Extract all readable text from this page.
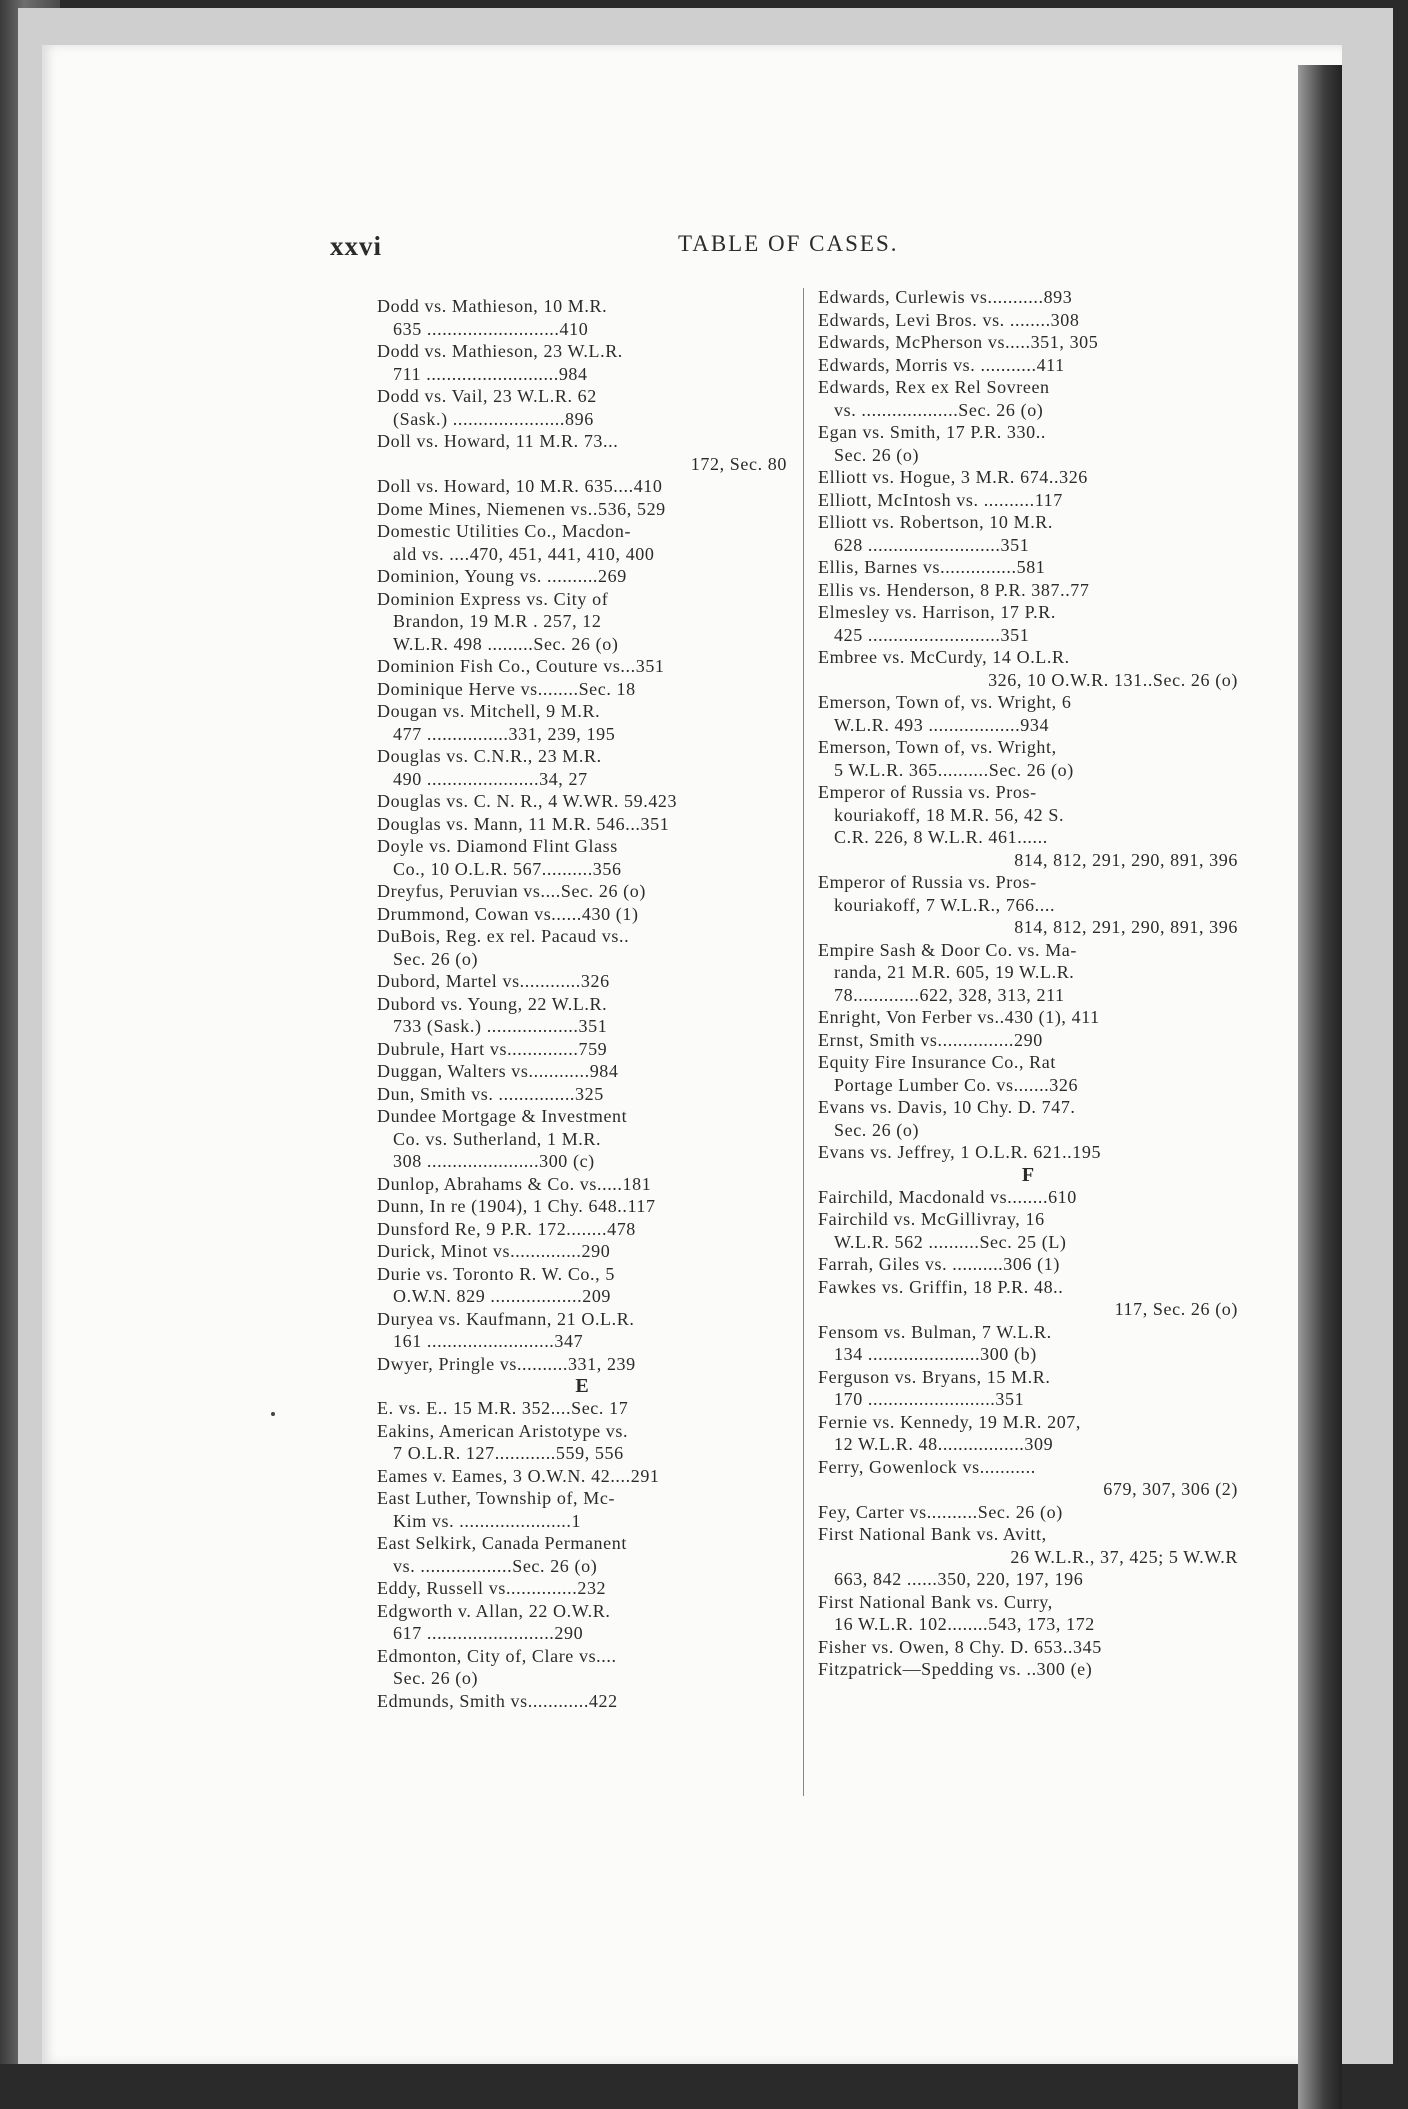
xxvi	TABLE OF CASES.
Dodd vs. Mathieson, 10 M.R.
635 ..........................410
Dodd vs. Mathieson, 23 W.L.R.
711 ..........................984
Dodd vs. Vail, 23 W.L.R. 62
(Sask.) ......................896
Doll vs. Howard, 11 M.R. 73...
172, Sec. 80
Doll vs. Howard, 10 M.R. 635....410
Dome Mines, Niemenen vs..536, 529
Domestic Utilities Co., Macdon-
ald vs. ....470, 451, 441, 410, 400
Dominion, Young vs. ..........269
Dominion Express vs. City of
Brandon, 19 M.R . 257, 12
W.L.R. 498 .........Sec. 26 (o)
Dominion Fish Co., Couture vs...351
Dominique Herve vs........Sec. 18
Dougan vs. Mitchell, 9 M.R.
477 ................331, 239, 195
Douglas vs. C.N.R., 23 M.R.
490 ......................34, 27
Douglas vs. C. N. R., 4 W.WR. 59.423
Douglas vs. Mann, 11 M.R. 546...351
Doyle vs. Diamond Flint Glass
Co., 10 O.L.R. 567..........356
Dreyfus, Peruvian vs....Sec. 26 (o)
Drummond, Cowan vs......430 (1)
DuBois, Reg. ex rel. Pacaud vs..
Sec. 26 (o)
Dubord, Martel vs............326
Dubord vs. Young, 22 W.L.R.
733 (Sask.) ..................351
Dubrule, Hart vs..............759
Duggan, Walters vs............984
Dun, Smith vs. ...............325
Dundee Mortgage & Investment
Co. vs. Sutherland, 1 M.R.
308 ......................300 (c)
Dunlop, Abrahams & Co. vs.....181
Dunn, In re (1904), 1 Chy. 648..117
Dunsford Re, 9 P.R. 172........478
Durick, Minot vs..............290
Durie vs. Toronto R. W. Co., 5
O.W.N. 829 ..................209
Duryea vs. Kaufmann, 21 O.L.R.
161 .........................347
Dwyer, Pringle vs..........331, 239
E
E. vs. E.. 15 M.R. 352....Sec. 17
Eakins, American Aristotype vs.
7 O.L.R. 127............559, 556
Eames v. Eames, 3 O.W.N. 42....291
East Luther, Township of, Mc-
Kim vs. ......................1
East Selkirk, Canada Permanent
vs. ..................Sec. 26 (o)
Eddy, Russell vs..............232
Edgworth v. Allan, 22 O.W.R.
617 .........................290
Edmonton, City of, Clare vs....
Sec. 26 (o)
Edmunds, Smith vs............422
Edwards, Curlewis vs...........893
Edwards, Levi Bros. vs. ........308
Edwards, McPherson vs.....351, 305
Edwards, Morris vs. ...........411
Edwards, Rex ex Rel Sovreen
vs. ...................Sec. 26 (o)
Egan vs. Smith, 17 P.R. 330..
Sec. 26 (o)
Elliott vs. Hogue, 3 M.R. 674..326
Elliott, McIntosh vs. ..........117
Elliott vs. Robertson, 10 M.R.
628 ..........................351
Ellis, Barnes vs...............581
Ellis vs. Henderson, 8 P.R. 387..77
Elmesley vs. Harrison, 17 P.R.
425 ..........................351
Embree vs. McCurdy, 14 O.L.R.
326, 10 O.W.R. 131..Sec. 26 (o)
Emerson, Town of, vs. Wright, 6
W.L.R. 493 ..................934
Emerson, Town of, vs. Wright,
5 W.L.R. 365..........Sec. 26 (o)
Emperor of Russia vs. Pros-
kouriakoff, 18 M.R. 56, 42 S.
C.R. 226, 8 W.L.R. 461......
814, 812, 291, 290, 891, 396
Emperor of Russia vs. Pros-
kouriakoff, 7 W.L.R., 766....
814, 812, 291, 290, 891, 396
Empire Sash & Door Co. vs. Ma-
randa, 21 M.R. 605, 19 W.L.R.
78.............622, 328, 313, 211
Enright, Von Ferber vs..430 (1), 411
Ernst, Smith vs...............290
Equity Fire Insurance Co., Rat
Portage Lumber Co. vs.......326
Evans vs. Davis, 10 Chy. D. 747.
Sec. 26 (o)
Evans vs. Jeffrey, 1 O.L.R. 621..195
F
Fairchild, Macdonald vs........610
Fairchild vs. McGillivray, 16
W.L.R. 562 ..........Sec. 25 (L)
Farrah, Giles vs. ..........306 (1)
Fawkes vs. Griffin, 18 P.R. 48..
117, Sec. 26 (o)
Fensom vs. Bulman, 7 W.L.R.
134 ......................300 (b)
Ferguson vs. Bryans, 15 M.R.
170 .........................351
Fernie vs. Kennedy, 19 M.R. 207,
12 W.L.R. 48.................309
Ferry, Gowenlock vs...........
679, 307, 306 (2)
Fey, Carter vs..........Sec. 26 (o)
First National Bank vs. Avitt,
26 W.L.R., 37, 425; 5 W.W.R
663, 842 ......350, 220, 197, 196
First National Bank vs. Curry,
16 W.L.R. 102........543, 173, 172
Fisher vs. Owen, 8 Chy. D. 653..345
Fitzpatrick—Spedding vs. ..300 (e)
